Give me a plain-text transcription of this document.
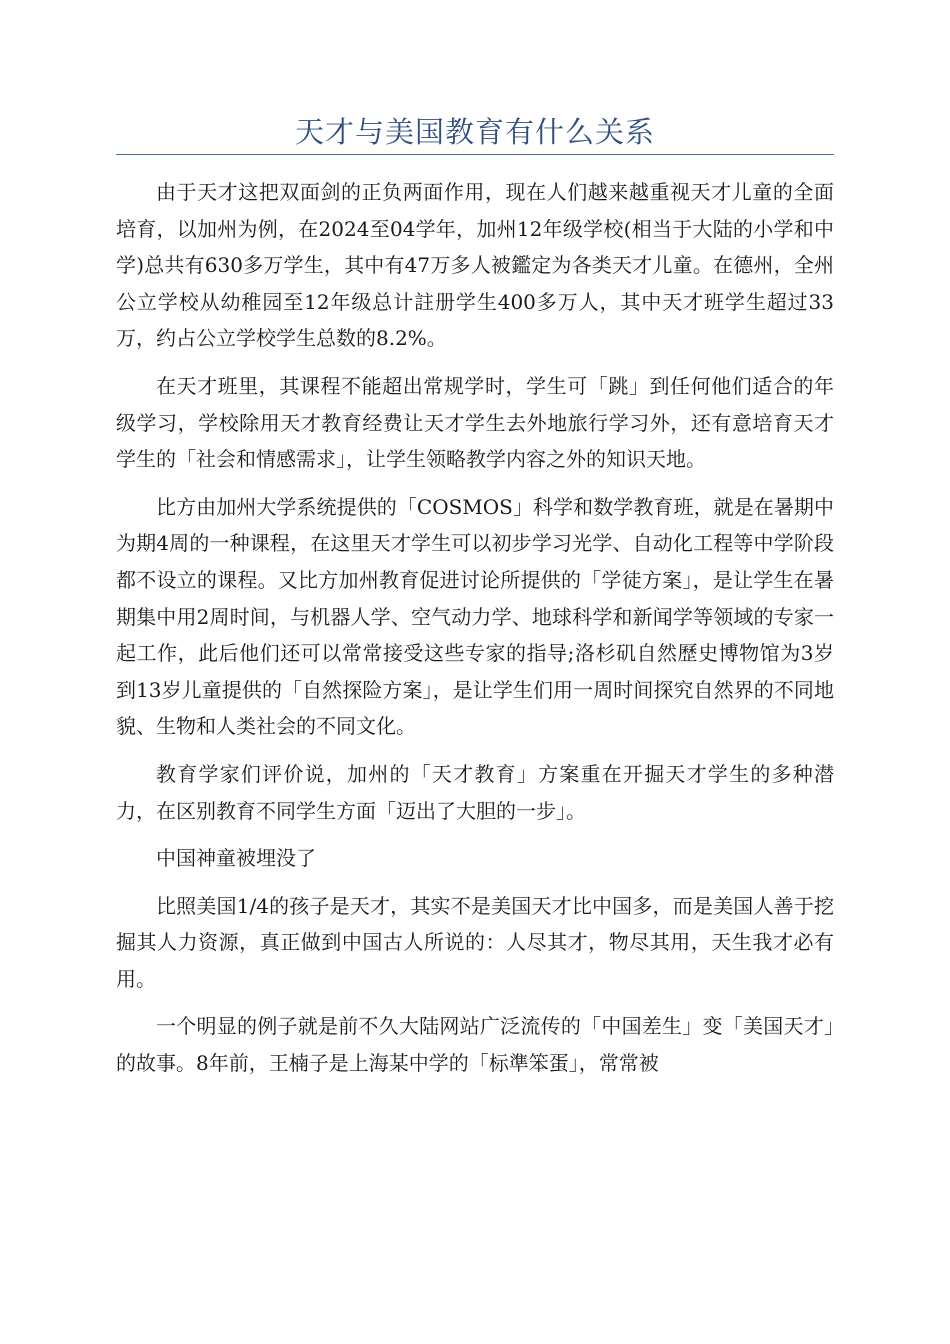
天才与美国教育有什么关系

由于天才这把双面剑的正负两面作用，现在人们越来越重视天才儿童的全面培育，以加州为例，在2024至04学年，加州12年级学校(相当于大陆的小学和中学)总共有630多万学生，其中有47万多人被鑑定为各类天才儿童。在德州，全州公立学校从幼稚园至12年级总计註册学生400多万人，其中天才班学生超过33万，约占公立学校学生总数的8.2%。

在天才班里，其课程不能超出常规学时，学生可「跳」到任何他们适合的年级学习，学校除用天才教育经费让天才学生去外地旅行学习外，还有意培育天才学生的「社会和情感需求」，让学生领略教学内容之外的知识天地。

比方由加州大学系统提供的「COSMOS」科学和数学教育班，就是在暑期中为期4周的一种课程，在这里天才学生可以初步学习光学、自动化工程等中学阶段都不设立的课程。又比方加州教育促进讨论所提供的「学徒方案」，是让学生在暑期集中用2周时间，与机器人学、空气动力学、地球科学和新闻学等领域的专家一起工作，此后他们还可以常常接受这些专家的指导;洛杉矶自然歷史博物馆为3岁到13岁儿童提供的「自然探险方案」，是让学生们用一周时间探究自然界的不同地貌、生物和人类社会的不同文化。

教育学家们评价说，加州的「天才教育」方案重在开掘天才学生的多种潜力，在区别教育不同学生方面「迈出了大胆的一步」。

中国神童被埋没了

比照美国1/4的孩子是天才，其实不是美国天才比中国多，而是美国人善于挖掘其人力资源，真正做到中国古人所说的：人尽其才，物尽其用，天生我才必有用。

一个明显的例子就是前不久大陆网站广泛流传的「中国差生」变「美国天才」的故事。8年前，王楠子是上海某中学的「标準笨蛋」，常常被
